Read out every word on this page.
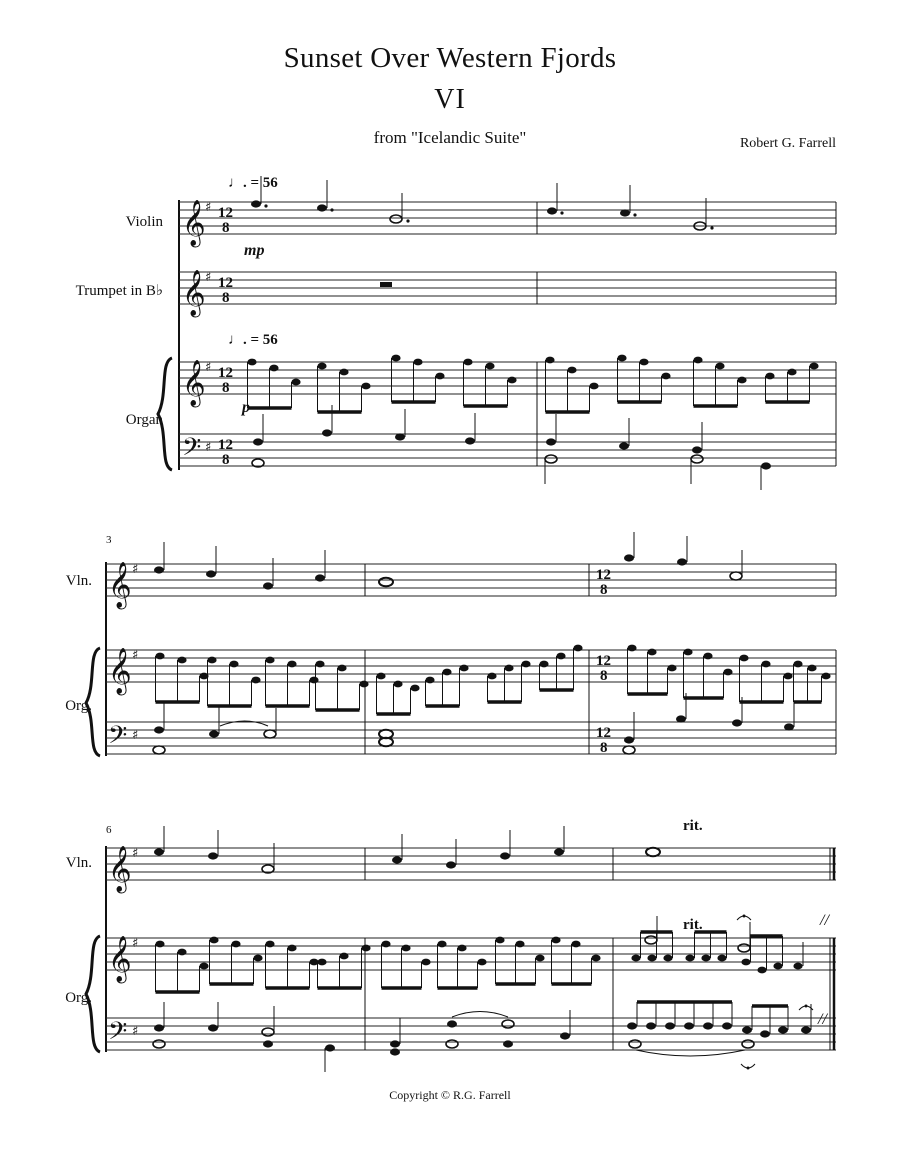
Sunset Over Western Fjords
VI
from "Icelandic Suite"	Robert G. Farrell
♩. = 56
♩. = 56
Violin
Trumpet in B♭
Organ
𝄞
𝄞
𝄞
𝄢
♯
♯
♯
♯
12
8
12
8
12
8
12
8
mp
p
3
Vln.
Org.
𝄞
𝄞
𝄢
♯
♯
♯
12
8
12
8
12
8
6	rit.
rit.
Vln.
Org.
𝄞
𝄞
𝄢
♯
♯
♯
//
//
Copyright © R.G. Farrell
